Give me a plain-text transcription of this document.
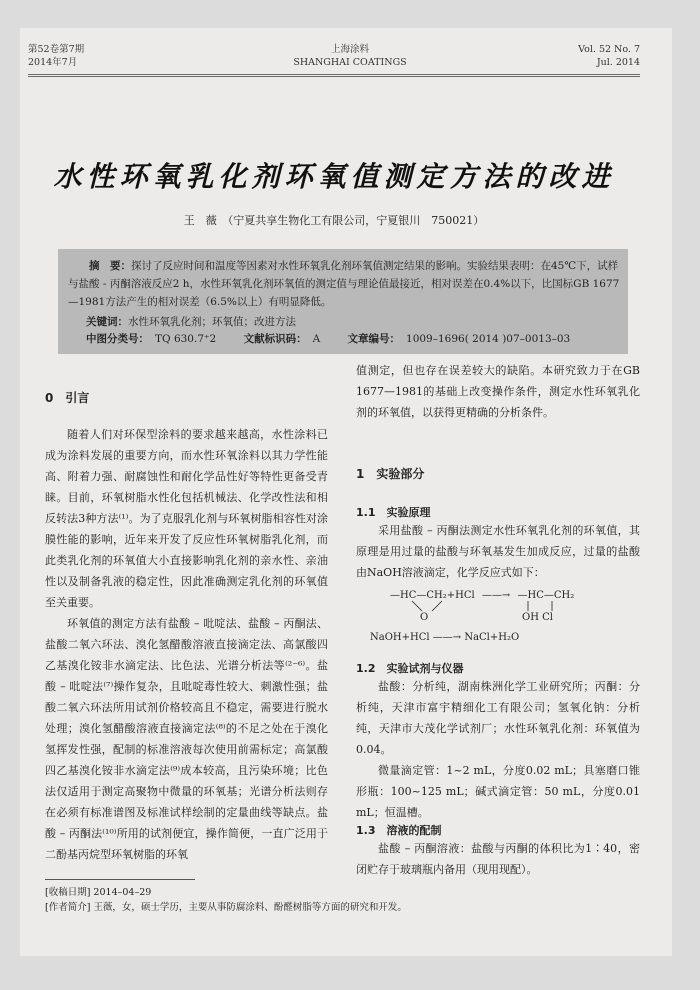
第52卷第7期
2014年7月
上海涂料
SHANGHAI COATINGS
Vol. 52 No. 7
Jul. 2014
水性环氧乳化剂环氧值测定方法的改进
王　薇　（宁夏共享生物化工有限公司，宁夏银川　750021）
摘　要：探讨了反应时间和温度等因素对水性环氧乳化剂环氧值测定结果的影响。实验结果表明：在45℃下，试样与盐酸 - 丙酮溶液反应2 h，水性环氧乳化剂环氧值的测定值与理论值最接近，相对误差在0.4%以下，比国标GB 1677—1981方法产生的相对误差（6.5%以上）有明显降低。
关键词：水性环氧乳化剂；环氧值；改进方法
中图分类号： TQ 630.7⁺2	文献标识码： A	文章编号： 1009–1696( 2014 )07–0013–03
0　引言

随着人们对环保型涂料的要求越来越高，水性涂料已成为涂料发展的重要方向，而水性环氧涂料以其力学性能高、附着力强、耐腐蚀性和耐化学品性好等特性更备受青睐。目前，环氧树脂水性化包括机械法、化学改性法和相反转法3种方法⁽¹⁾。为了克服乳化剂与环氧树脂相容性对涂膜性能的影响，近年来开发了反应性环氧树脂乳化剂，而此类乳化剂的环氧值大小直接影响乳化剂的亲水性、亲油性以及制备乳液的稳定性，因此准确测定乳化剂的环氧值至关重要。

环氧值的测定方法有盐酸 – 吡啶法、盐酸 – 丙酮法、盐酸二氧六环法、溴化氢醋酸溶液直接滴定法、高氯酸四乙基溴化铵非水滴定法、比色法、光谱分析法等⁽²⁻⁶⁾。盐酸 – 吡啶法⁽⁷⁾操作复杂，且吡啶毒性较大、刺激性强；盐酸二氧六环法所用试剂价格较高且不稳定，需要进行脱水处理；溴化氢醋酸溶液直接滴定法⁽⁸⁾的不足之处在于溴化氢挥发性强，配制的标准溶液每次使用前需标定；高氯酸四乙基溴化铵非水滴定法⁽⁹⁾成本较高，且污染环境；比色法仅适用于测定高聚物中微量的环氧基；光谱分析法则存在必须有标准谱图及标准试样绘制的定量曲线等缺点。盐酸 – 丙酮法⁽¹⁰⁾所用的试剂便宜，操作简便，一直广泛用于二酚基丙烷型环氧树脂的环氧

值测定，但也存在误差较大的缺陷。本研究致力于在GB 1677—1981的基础上改变操作条件，测定水性环氧乳化剂的环氧值，以获得更精确的分析条件。

1　实验部分
1.1　实验原理

采用盐酸 – 丙酮法测定水性环氧乳化剂的环氧值，其原理是用过量的盐酸与环氧基发生加成反应，过量的盐酸由NaOH溶液滴定，化学反应式如下：

—HC—CH₂+HCl ——→ —HC—CH₂
O	OH Cl
NaOH+HCl ——→ NaCl+H₂O
1.2　实验试剂与仪器

盐酸：分析纯，湖南株洲化学工业研究所；丙酮：分析纯，天津市富宇精细化工有限公司；氢氧化钠：分析纯，天津市大茂化学试剂厂；水性环氧乳化剂：环氧值为0.04。

微量滴定管：1~2 mL，分度0.02 mL；具塞磨口锥形瓶：100~125 mL；碱式滴定管：50 mL，分度0.01 mL；恒温槽。

1.3　溶液的配制

盐酸 – 丙酮溶液：盐酸与丙酮的体积比为1∶40，密闭贮存于玻璃瓶内备用（现用现配）。

[收稿日期] 2014–04–29
[作者简介] 王薇，女，硕士学历，主要从事防腐涂料、酚醛树脂等方面的研究和开发。
